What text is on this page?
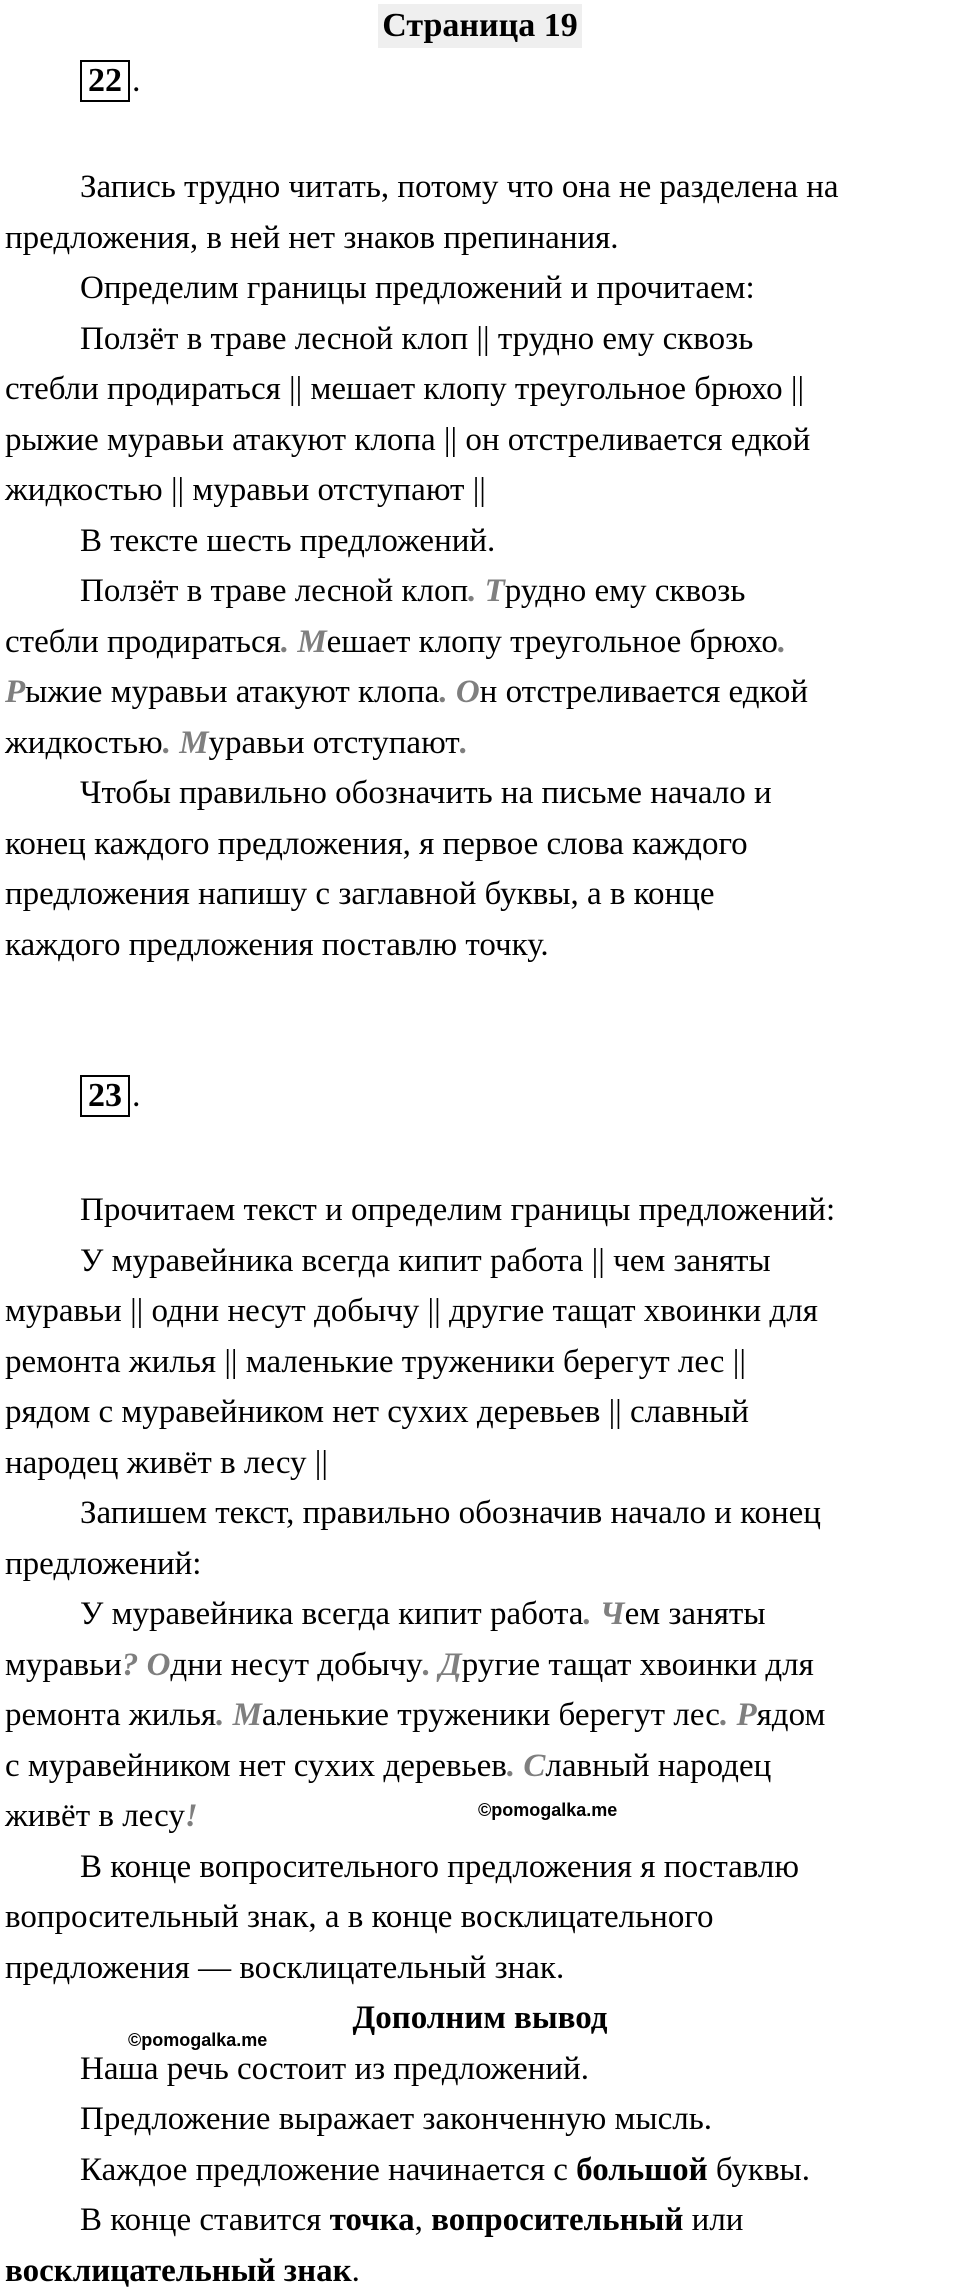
Страница 19
22 .

Запись трудно читать, потому что она не разделена на

предложения, в ней нет знаков препинания.

Определим границы предложений и прочитаем:

Ползёт в траве лесной клоп || трудно ему сквозь

стебли продираться || мешает клопу треугольное брюхо ||

рыжие муравьи атакуют клопа || он отстреливается едкой

жидкостью || муравьи отступают ||

В тексте шесть предложений.

Ползёт в траве лесной клоп. Трудно ему сквозь

стебли продираться. Мешает клопу треугольное брюхо.

Рыжие муравьи атакуют клопа. Он отстреливается едкой

жидкостью. Муравьи отступают.

Чтобы правильно обозначить на письме начало и

конец каждого предложения, я первое слова каждого

предложения напишу с заглавной буквы, а в конце

каждого предложения поставлю точку.

23 .

Прочитаем текст и определим границы предложений:

У муравейника всегда кипит работа || чем заняты

муравьи || одни несут добычу || другие тащат хвоинки для

ремонта жилья || маленькие труженики берегут лес ||

рядом с муравейником нет сухих деревьев || славный

народец живёт в лесу ||

Запишем текст, правильно обозначив начало и конец

предложений:

У муравейника всегда кипит работа. Чем заняты

муравьи? Одни несут добычу. Другие тащат хвоинки для

ремонта жилья. Маленькие труженики берегут лес. Рядом

с муравейником нет сухих деревьев. Славный народец

живёт в лесу!

В конце вопросительного предложения я поставлю

вопросительный знак, а в конце восклицательного

предложения — восклицательный знак.

Дополним вывод

Наша речь состоит из предложений.

Предложение выражает законченную мысль.

Каждое предложение начинается с большой буквы.

В конце ставится точка, вопросительный или

восклицательный знак.

©pomogalka.me
©pomogalka.me
